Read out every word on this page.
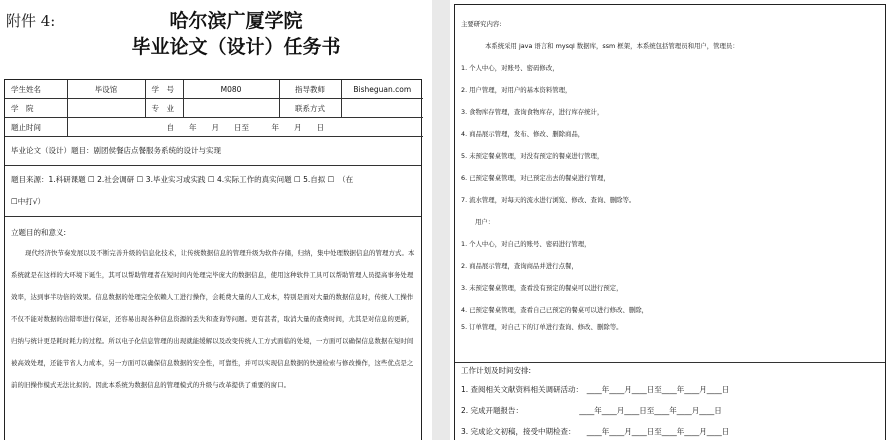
附件 4:	哈尔滨广厦学院
毕业论文（设计）任务书
学生姓名	毕设馆	学　号	M080	指导教师	Bisheguan.com
学　院		专　业		联系方式	
题止时间	自　　年　　月　　日至　　　年　　月　　日				
毕业论文（设计）题目：剧团侯餐店点餐服务系统的设计与实现
题目来源：1.科研课题 ☐ 2.社会调研 ☐ 3.毕业实习或实践 ☐ 4.实际工作的真实问题 ☐ 5.自拟 ☐　（在
☐中打√）
立题目的和意义:
现代经济快节奏发展以及不断完善升级的信息化技术，让传统数据信息的管理升级为软件存储，归纳，集中处理数据信息的管理方式。本系统就是在这样的大环境下诞生，其可以帮助管理者在短时间内处理完毕庞大的数据信息，使用这种软件工具可以帮助管理人员提高事务处理效率，达到事半功倍的效果。信息数据的处理完全依赖人工进行操作，会耗费大量的人工成本，特别是面对大量的数据信息时，传统人工操作不仅不能对数据的出错率进行保证，还容易出现各种信息资源的丢失和查询等问题。更有甚者，取消大量的查费时间，尤其是对信息的更新，归纳与统计更是耗时耗力的过程。所以电子化信息管理的出现就能缓解以及改变传统人工方式面临的处境，一方面可以确保信息数据在短时间被高效处理，还能节省人力成本，另一方面可以确保信息数据的安全性，可靠性，并可以实现信息数据的快速检索与修改操作，这些优点是之前的旧操作模式无法比拟的。因此本系统为数据信息的管理模式的升级与改革提供了重要的窗口。
主要研究内容:
本系统采用 java 语言和 mysql 数据库，ssm 框架，本系统包括管理员和用户，管理员：
1. 个人中心，对账号、密码修改，
2. 用户管理，对用户的基本资料管理，
3. 食物库存管理，查询食物库存，进行库存统计，
4. 商品展示管理，发布、修改、删除商品，
5. 未预定餐桌管理，对没有预定的餐桌进行管理，
6. 已预定餐桌管理，对已预定出去的餐桌进行管理，
7. 流水管理，对每天的流水进行浏览、修改、查询、删除等。
用户：
1. 个人中心，对自己的账号、密码进行管理，
2. 商品展示管理，查询商品并进行点餐，
3. 未预定餐桌管理，查看没有预定的餐桌可以进行预定，
4. 已预定餐桌管理，查看自己已预定的餐桌可以进行修改、删除，
5. 订单管理，对自己下的订单进行查询、修改、删除等。
工作计划及时间安排:
1. 查阅相关文献资料相关调研活动：　____年____月____日至____年____月____日
2. 完成开题报告：　　　　　　　　____年____月____日至____年____月____日
3. 完成论文初稿，接受中期检查：　　____年____月____日至____年____月____日
